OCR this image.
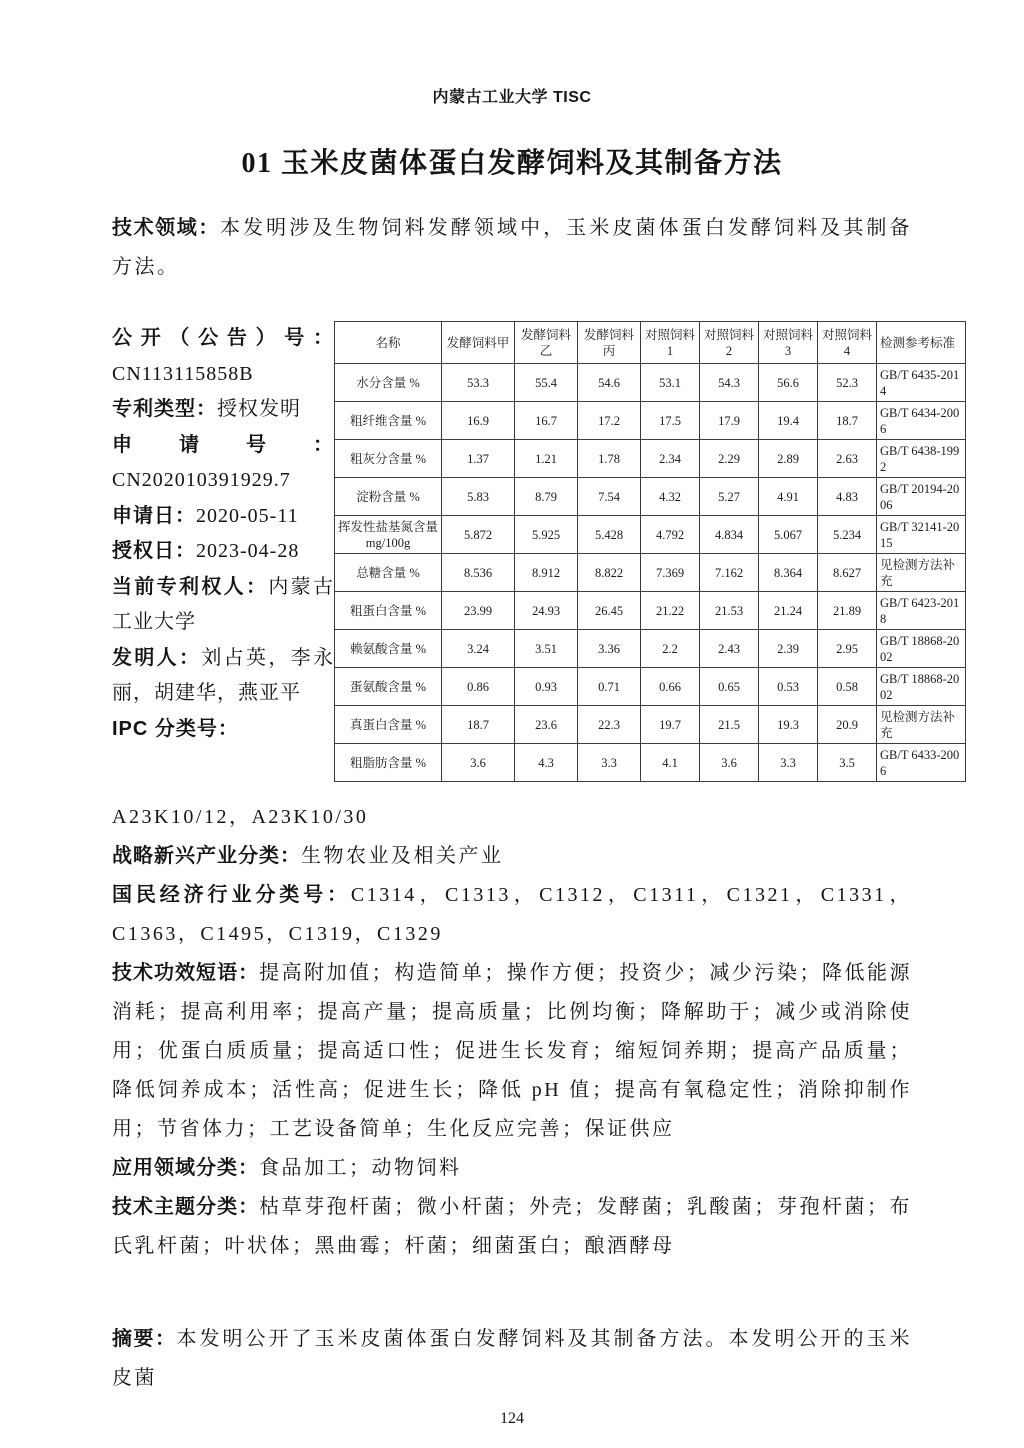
内蒙古工业大学 TISC
01 玉米皮菌体蛋白发酵饲料及其制备方法

技术领域：本发明涉及生物饲料发酵领域中，玉米皮菌体蛋白发酵饲料及其制备方法。

公开（公告）号：CN113115858B
专利类型：授权发明
申请号：CN202010391929.7
申请日：2020-05-11
授权日：2023-04-28
当前专利权人：内蒙古工业大学
发明人：刘占英，李永丽，胡建华，燕亚平
IPC 分类号：
名称	发酵饲料甲	发酵饲料乙	发酵饲料丙	对照饲料1	对照饲料2	对照饲料3	对照饲料4	检测参考标准
水分含量 %	53.3	55.4	54.6	53.1	54.3	56.6	52.3	GB/T 6435-2014
粗纤维含量 %	16.9	16.7	17.2	17.5	17.9	19.4	18.7	GB/T 6434-2006
粗灰分含量 %	1.37	1.21	1.78	2.34	2.29	2.89	2.63	GB/T 6438-1992
淀粉含量 %	5.83	8.79	7.54	4.32	5.27	4.91	4.83	GB/T 20194-2006
挥发性盐基氮含量 mg/100g	5.872	5.925	5.428	4.792	4.834	5.067	5.234	GB/T 32141-2015
总糖含量 %	8.536	8.912	8.822	7.369	7.162	8.364	8.627	见检测方法补充
粗蛋白含量 %	23.99	24.93	26.45	21.22	21.53	21.24	21.89	GB/T 6423-2018
赖氨酸含量 %	3.24	3.51	3.36	2.2	2.43	2.39	2.95	GB/T 18868-2002
蛋氨酸含量 %	0.86	0.93	0.71	0.66	0.65	0.53	0.58	GB/T 18868-2002
真蛋白含量 %	18.7	23.6	22.3	19.7	21.5	19.3	20.9	见检测方法补充
粗脂肪含量 %	3.6	4.3	3.3	4.1	3.6	3.3	3.5	GB/T 6433-2006

A23K10/12，A23K10/30

战略新兴产业分类：生物农业及相关产业

国民经济行业分类号：C1314，C1313，C1312，C1311，C1321，C1331，C1363，C1495，C1319，C1329

技术功效短语：提高附加值；构造简单；操作方便；投资少；减少污染；降低能源消耗；提高利用率；提高产量；提高质量；比例均衡；降解助于；减少或消除使用；优蛋白质质量；提高适口性；促进生长发育；缩短饲养期；提高产品质量；降低饲养成本；活性高；促进生长；降低 pH 值；提高有氧稳定性；消除抑制作用；节省体力；工艺设备简单；生化反应完善；保证供应

应用领域分类：食品加工；动物饲料

技术主题分类：枯草芽孢杆菌；微小杆菌；外壳；发酵菌；乳酸菌；芽孢杆菌；布氏乳杆菌；叶状体；黑曲霉；杆菌；细菌蛋白；酿酒酵母

摘要：本发明公开了玉米皮菌体蛋白发酵饲料及其制备方法。本发明公开的玉米皮菌

124
